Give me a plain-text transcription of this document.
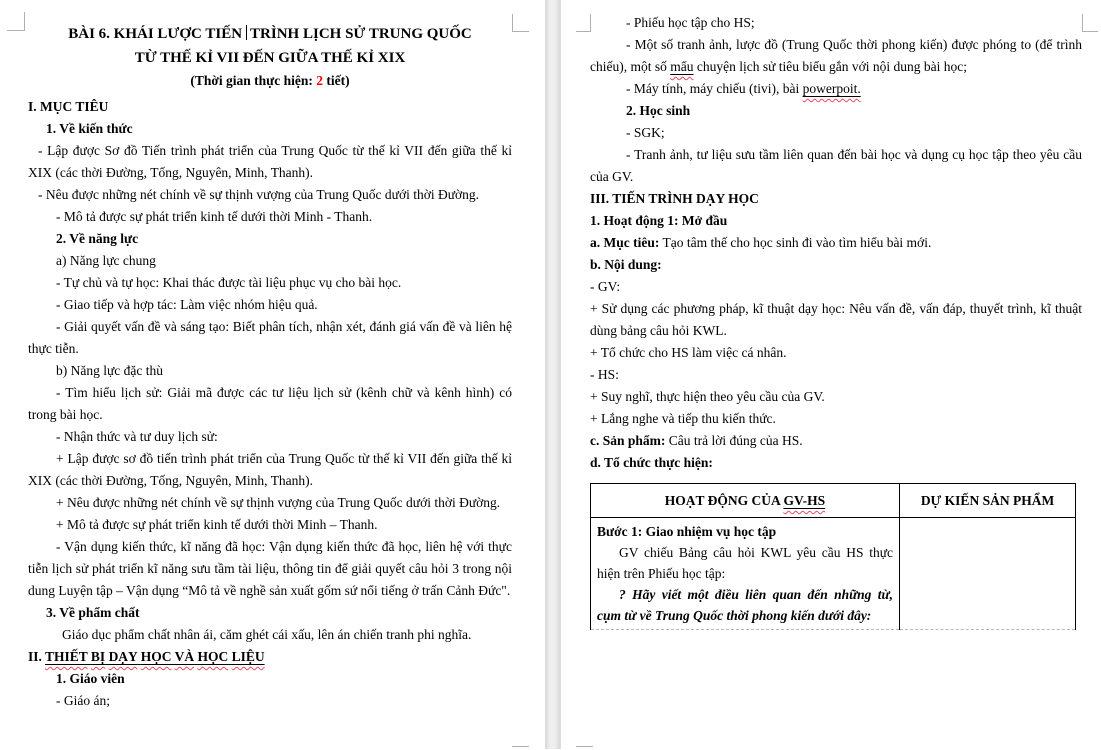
BÀI 6. KHÁI LƯỢC TIẾN TRÌNH LỊCH SỬ TRUNG QUỐC

TỪ THẾ KỈ VII ĐẾN GIỮA THẾ KỈ XIX

(Thời gian thực hiện: 2 tiết)

I. MỤC TIÊU

1. Về kiến thức

- Lập được Sơ đồ Tiến trình phát triển của Trung Quốc từ thế kỉ VII đến giữa thế kỉ XIX (các thời Đường, Tống, Nguyên, Minh, Thanh).

- Nêu được những nét chính về sự thịnh vượng của Trung Quốc dưới thời Đường.

- Mô tả được sự phát triển kinh tế dưới thời Minh - Thanh.

2. Về năng lực

a) Năng lực chung

- Tự chủ và tự học: Khai thác được tài liệu phục vụ cho bài học.

- Giao tiếp và hợp tác: Làm việc nhóm hiệu quả.

- Giải quyết vấn đề và sáng tạo: Biết phân tích, nhận xét, đánh giá vấn đề và liên hệ thực tiễn.

b) Năng lực đặc thù

- Tìm hiểu lịch sử: Giải mã được các tư liệu lịch sử (kênh chữ và kênh hình) có trong bài học.

- Nhận thức và tư duy lịch sử:

+ Lập được sơ đồ tiến trình phát triển của Trung Quốc từ thế kỉ VII đến giữa thế kỉ XIX (các thời Đường, Tống, Nguyên, Minh, Thanh).

+ Nêu được những nét chính về sự thịnh vượng của Trung Quốc dưới thời Đường.

+ Mô tả được sự phát triển kinh tế dưới thời Minh – Thanh.

- Vận dụng kiến thức, kĩ năng đã học: Vận dụng kiến thức đã học, liên hệ với thực tiễn lịch sử phát triển kĩ năng sưu tầm tài liệu, thông tin để giải quyết câu hỏi 3 trong nội dung Luyện tập – Vận dụng “Mô tả về nghề sản xuất gốm sứ nổi tiếng ở trấn Cảnh Đức".

3. Về phẩm chất

Giáo dục phẩm chất nhân ái, căm ghét cái xấu, lên án chiến tranh phi nghĩa.

II. THIẾT BỊ DẠY HỌC VÀ HỌC LIỆU

1. Giáo viên

- Giáo án;

- Phiếu học tập cho HS;

- Một số tranh ảnh, lược đồ (Trung Quốc thời phong kiến) được phóng to (để trình chiếu), một số mẩu chuyện lịch sử tiêu biểu gắn với nội dung bài học;

- Máy tính, máy chiếu (tivi), bài powerpoit.

2. Học sinh

- SGK;

- Tranh ảnh, tư liệu sưu tầm liên quan đến bài học và dụng cụ học tập theo yêu cầu của GV.

III. TIẾN TRÌNH DẠY HỌC

1. Hoạt động 1: Mở đầu

a. Mục tiêu: Tạo tâm thế cho học sinh đi vào tìm hiểu bài mới.

b. Nội dung:

- GV:

+ Sử dụng các phương pháp, kĩ thuật dạy học: Nêu vấn đề, vấn đáp, thuyết trình, kĩ thuật dùng bảng câu hỏi KWL.

+ Tổ chức cho HS làm việc cá nhân.

- HS:

+ Suy nghĩ, thực hiện theo yêu cầu của GV.

+ Lắng nghe và tiếp thu kiến thức.

c. Sản phẩm: Câu trả lời đúng của HS.

d. Tổ chức thực hiện:

HOẠT ĐỘNG CỦA GV-HS	DỰ KIẾN SẢN PHẨM

Bước 1: Giao nhiệm vụ học tập

GV chiếu Bảng câu hỏi KWL yêu cầu HS thực hiện trên Phiếu học tập:

? Hãy viết một điều liên quan đến những từ, cụm từ về Trung Quốc thời phong kiến dưới đây:	
